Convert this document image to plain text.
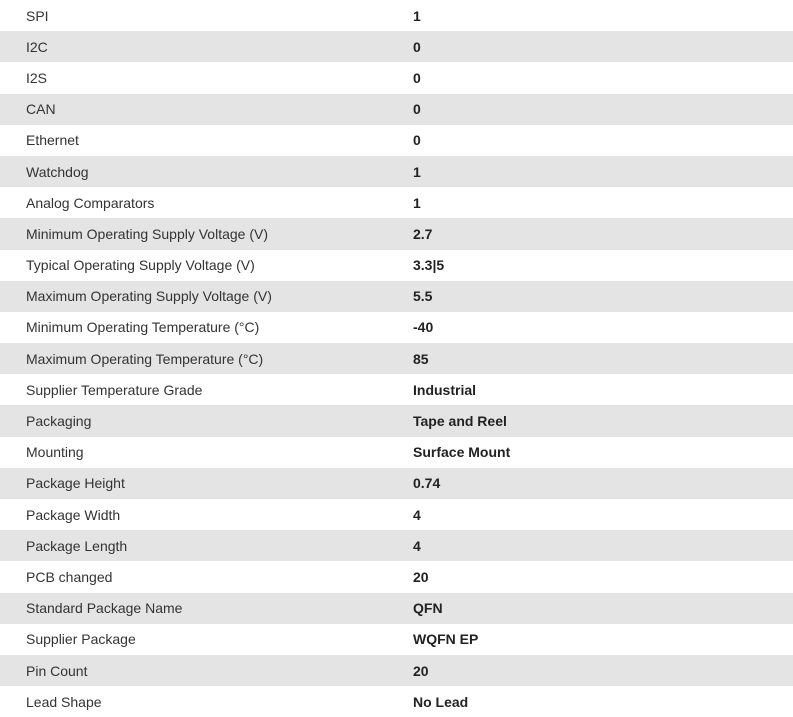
SPI	1
I2C	0
I2S	0
CAN	0
Ethernet	0
Watchdog	1
Analog Comparators	1
Minimum Operating Supply Voltage (V)	2.7
Typical Operating Supply Voltage (V)	3.3|5
Maximum Operating Supply Voltage (V)	5.5
Minimum Operating Temperature (°C)	-40
Maximum Operating Temperature (°C)	85
Supplier Temperature Grade	Industrial
Packaging	Tape and Reel
Mounting	Surface Mount
Package Height	0.74
Package Width	4
Package Length	4
PCB changed	20
Standard Package Name	QFN
Supplier Package	WQFN EP
Pin Count	20
Lead Shape	No Lead
